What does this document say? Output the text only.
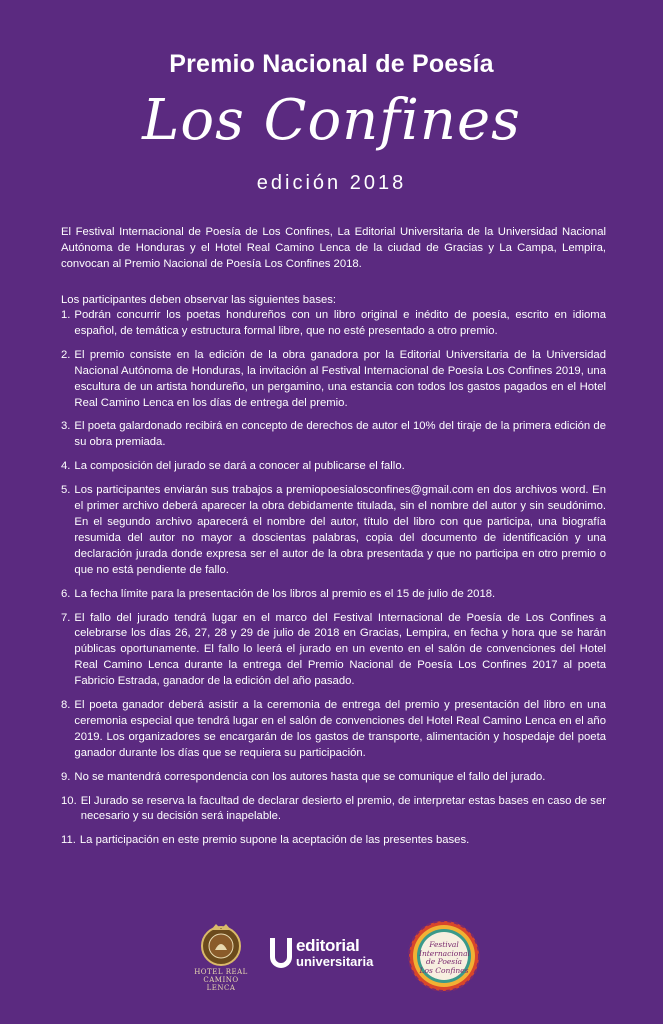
Premio Nacional de Poesía
Los Confines
edición 2018

El Festival Internacional de Poesía de Los Confines, La Editorial Universitaria de la Universidad Nacional Autónoma de Honduras y el Hotel Real Camino Lenca de la ciudad de Gracias y La Campa, Lempira, convocan al Premio Nacional de Poesía Los Confines 2018.

Los participantes deben observar las siguientes bases:
1. Podrán concurrir los poetas hondureños con un libro original e inédito de poesía, escrito en idioma español, de temática y estructura formal libre, que no esté presentado a otro premio.
2. El premio consiste en la edición de la obra ganadora por la Editorial Universitaria de la Universidad Nacional Autónoma de Honduras, la invitación al Festival Internacional de Poesía Los Confines 2019, una escultura de un artista hondureño, un pergamino, una estancia con todos los gastos pagados en el Hotel Real Camino Lenca en los días de entrega del premio.
3. El poeta galardonado recibirá en concepto de derechos de autor el 10% del tiraje de la primera edición de su obra premiada.
4. La composición del jurado se dará a conocer al publicarse el fallo.
5. Los participantes enviarán sus trabajos a premiopoesialosconfines@gmail.com en dos archivos word. En el primer archivo deberá aparecer la obra debidamente titulada, sin el nombre del autor y sin seudónimo. En el segundo archivo aparecerá el nombre del autor, título del libro con que participa, una biografía resumida del autor no mayor a doscientas palabras, copia del documento de identificación y una declaración jurada donde expresa ser el autor de la obra presentada y que no participa en otro premio o que no está pendiente de fallo.
6. La fecha límite para la presentación de los libros al premio es el 15 de julio de 2018.
7. El fallo del jurado tendrá lugar en el marco del Festival Internacional de Poesía de Los Confines a celebrarse los días 26, 27, 28 y 29 de julio de 2018 en Gracias, Lempira, en fecha y hora que se harán públicas oportunamente. El fallo lo leerá el jurado en un evento en el salón de convenciones del Hotel Real Camino Lenca durante la entrega del Premio Nacional de Poesía Los Confines 2017 al poeta Fabricio Estrada, ganador de la edición del año pasado.
8. El poeta ganador deberá asistir a la ceremonia de entrega del premio y presentación del libro en una ceremonia especial que tendrá lugar en el salón de convenciones del Hotel Real Camino Lenca en el año 2019. Los organizadores se encargarán de los gastos de transporte, alimentación y hospedaje del poeta ganador durante los días que se requiera su participación.
9. No se mantendrá correspondencia con los autores hasta que se comunique el fallo del jurado.
10. El Jurado se reserva la facultad de declarar desierto el premio, de interpretar estas bases en caso de ser necesario y su decisión será inapelable.
11. La participación en este premio supone la aceptación de las presentes bases.
HOTEL REAL
CAMINO LENCA
editorial
universitaria
Festival Internacional de Poesía Los Confines
